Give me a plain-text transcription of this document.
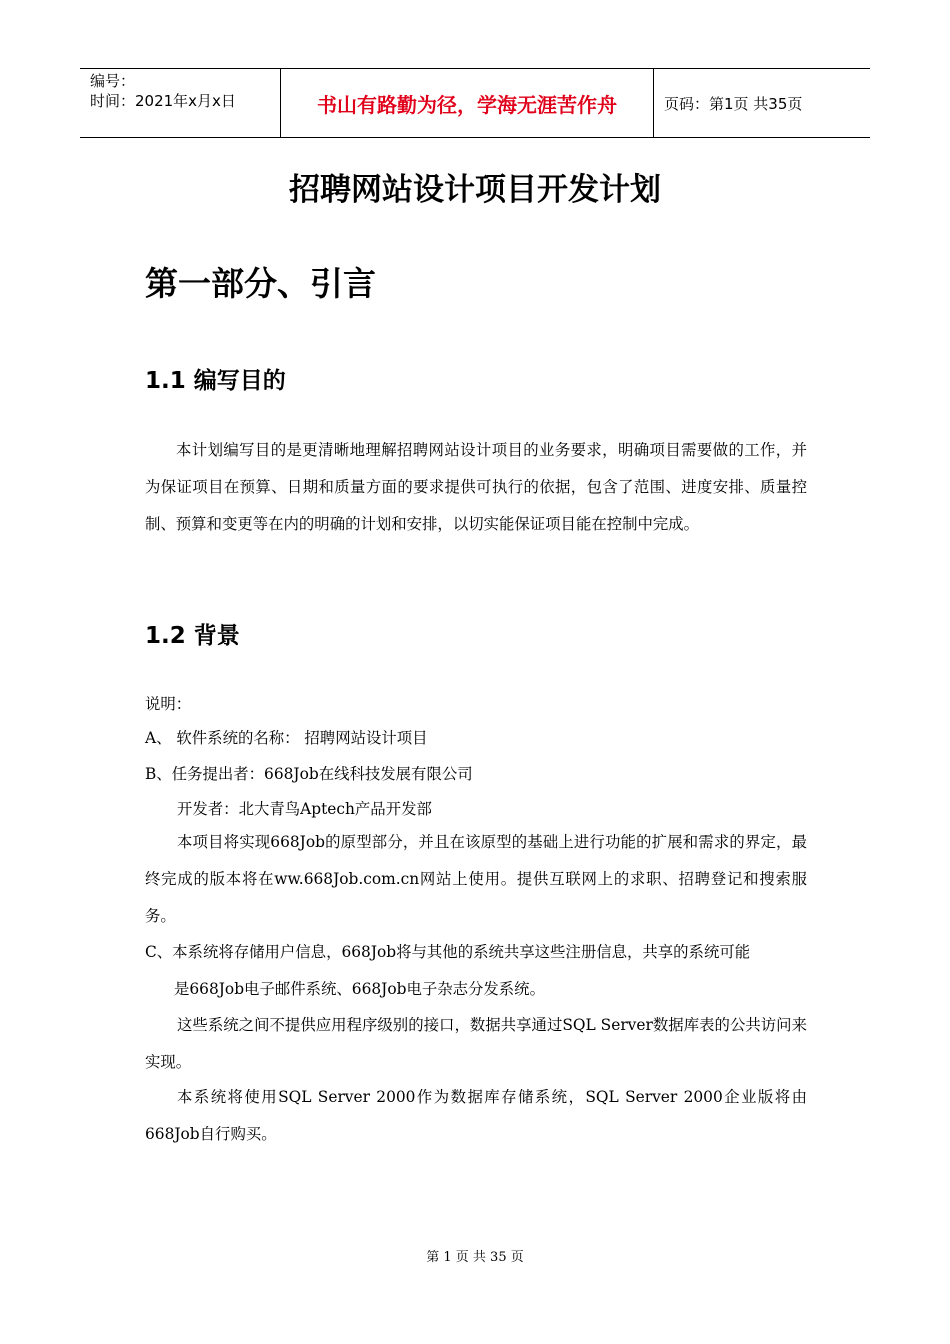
编号：
时间：2021年x月x日	书山有路勤为径，学海无涯苦作舟	页码：第1页 共35页
招聘网站设计项目开发计划
第一部分、引言
1.1 编写目的
本计划编写目的是更清晰地理解招聘网站设计项目的业务要求，明确项目需要做的工作，并为保证项目在预算、日期和质量方面的要求提供可执行的依据，包含了范围、进度安排、质量控制、预算和变更等在内的明确的计划和安排，以切实能保证项目能在控制中完成。
1.2 背景
说明：
A、 软件系统的名称： 招聘网站设计项目
B、任务提出者：668Job在线科技发展有限公司
开发者：北大青鸟Aptech产品开发部
本项目将实现668Job的原型部分，并且在该原型的基础上进行功能的扩展和需求的界定，最终完成的版本将在ww.668Job.com.cn网站上使用。提供互联网上的求职、招聘登记和搜索服务。
C、本系统将存储用户信息，668Job将与其他的系统共享这些注册信息，共享的系统可能
是668Job电子邮件系统、668Job电子杂志分发系统。
这些系统之间不提供应用程序级别的接口，数据共享通过SQL Server数据库表的公共访问来实现。
本系统将使用SQL Server 2000作为数据库存储系统，SQL Server 2000企业版将由668Job自行购买。
第 1 页 共 35 页
